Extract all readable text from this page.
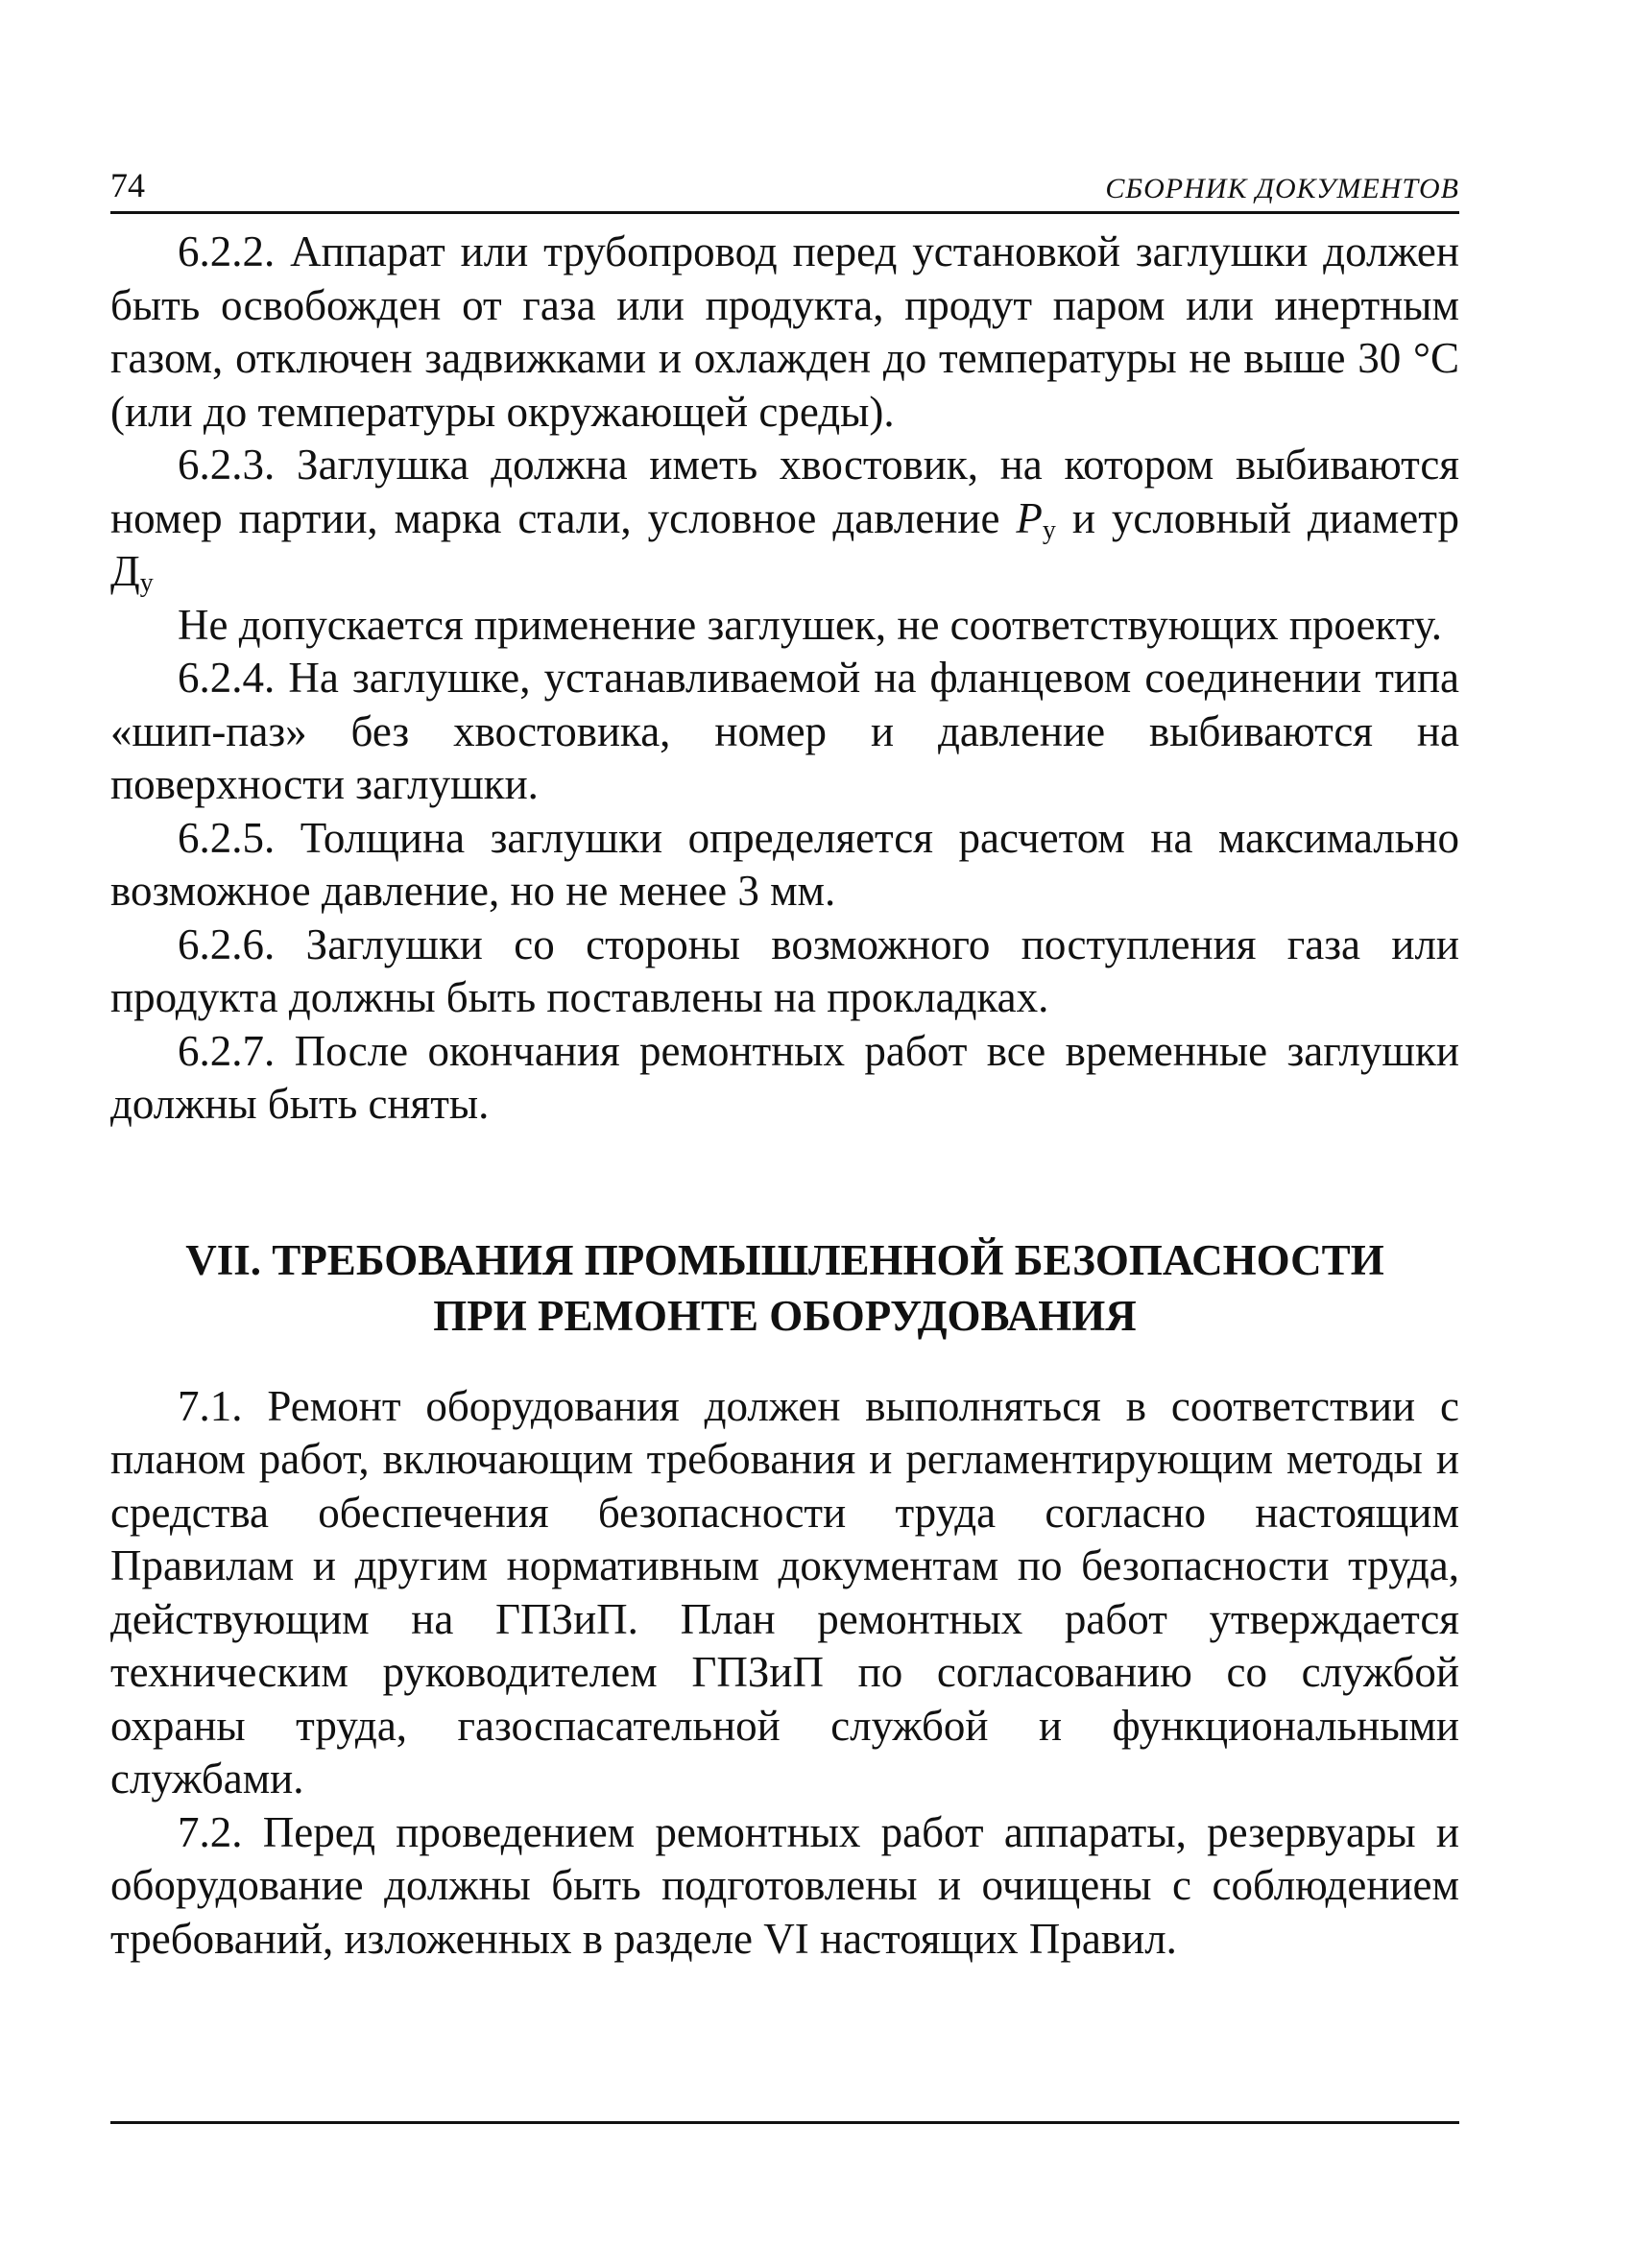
74	СБОРНИК ДОКУМЕНТОВ

6.2.2. Аппарат или трубопровод перед установкой заглушки должен быть освобожден от газа или продукта, продут паром или инертным газом, отключен задвижками и охлажден до температуры не выше 30 °С (или до температуры окружающей среды).

6.2.3. Заглушка должна иметь хвостовик, на котором выбиваются номер партии, марка стали, условное давление $P_у$ и условный диаметр $Д_у$

Не допускается применение заглушек, не соответствующих проекту.

6.2.4. На заглушке, устанавливаемой на фланцевом соединении типа «шип-паз» без хвостовика, номер и давление выбиваются на поверхности заглушки.

6.2.5. Толщина заглушки определяется расчетом на максимально возможное давление, но не менее 3 мм.

6.2.6. Заглушки со стороны возможного поступления газа или продукта должны быть поставлены на прокладках.

6.2.7. После окончания ремонтных работ все временные заглушки должны быть сняты.

VII. ТРЕБОВАНИЯ ПРОМЫШЛЕННОЙ БЕЗОПАСНОСТИ
ПРИ РЕМОНТЕ ОБОРУДОВАНИЯ

7.1. Ремонт оборудования должен выполняться в соответствии с планом работ, включающим требования и регламентирующим методы и средства обеспечения безопасности труда согласно настоящим Правилам и другим нормативным документам по безопасности труда, действующим на ГПЗиП. План ремонтных работ утверждается техническим руководителем ГПЗиП по согласованию со службой охраны труда, газоспасательной службой и функциональными службами.

7.2. Перед проведением ремонтных работ аппараты, резервуары и оборудование должны быть подготовлены и очищены с соблюдением требований, изложенных в разделе VI настоящих Правил.
